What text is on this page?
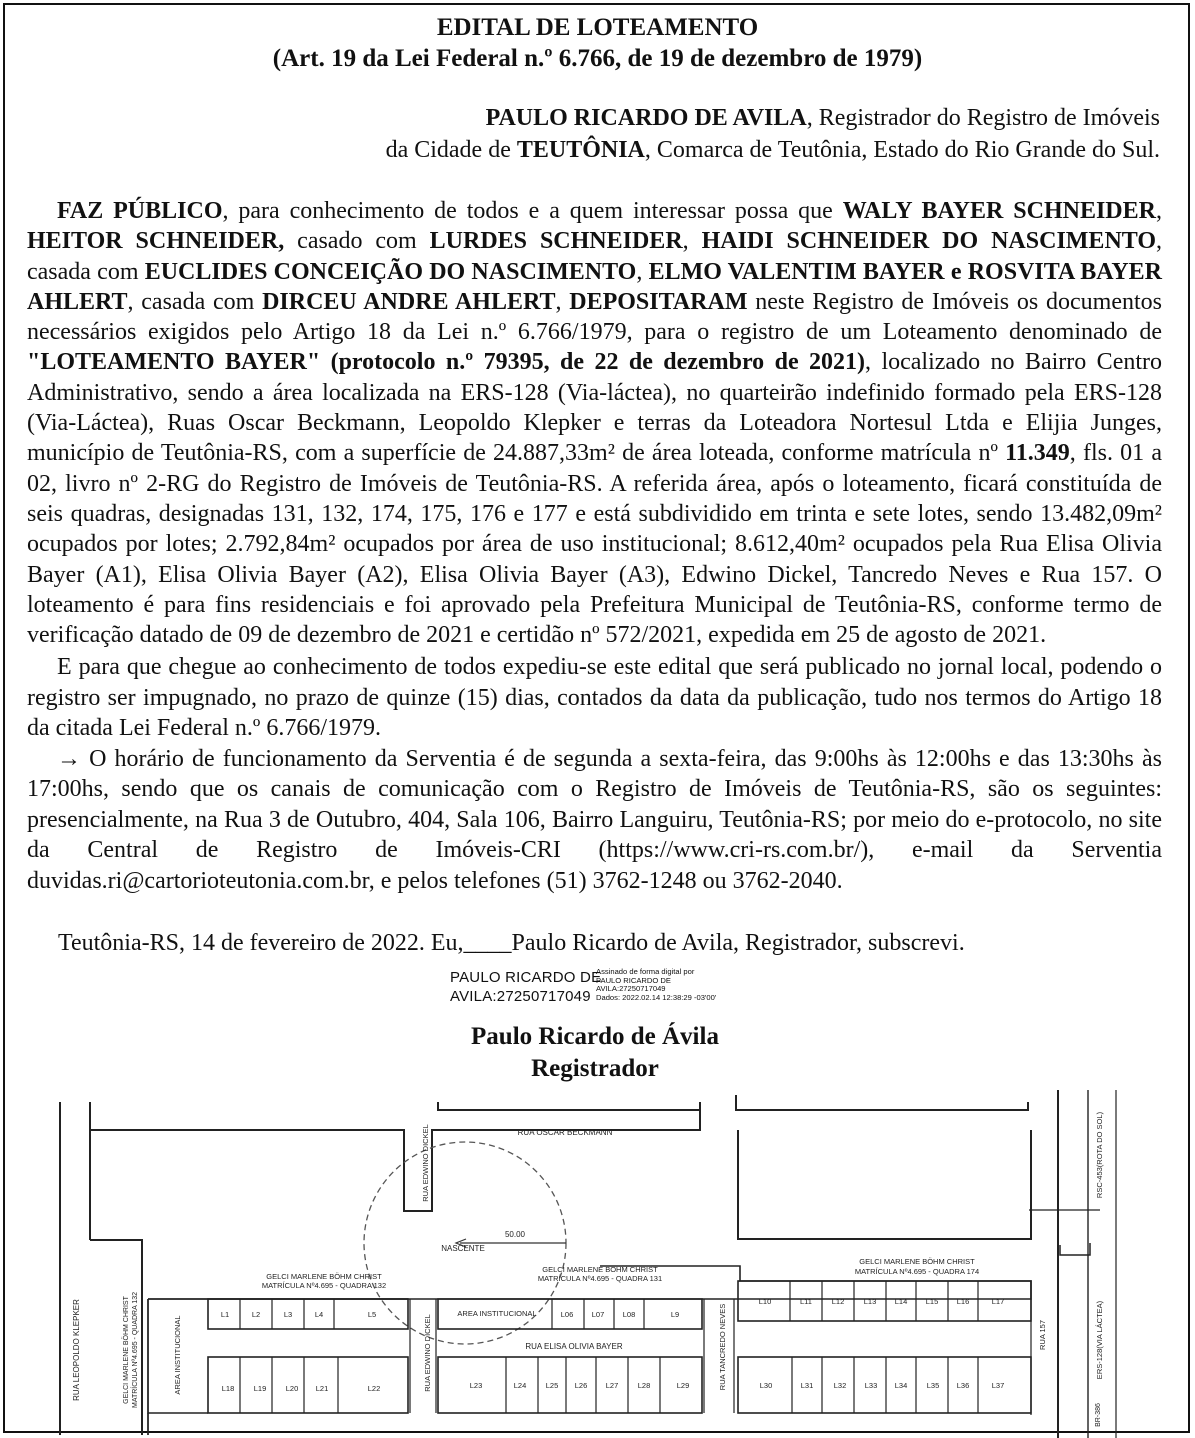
EDITAL DE LOTEAMENTO
(Art. 19 da Lei Federal n.º 6.766, de 19 de dezembro de 1979)
PAULO RICARDO DE AVILA, Registrador do Registro de Imóveis
da Cidade de TEUTÔNIA, Comarca de Teutônia, Estado do Rio Grande do Sul.

FAZ PÚBLICO, para conhecimento de todos e a quem interessar possa que WALY BAYER SCHNEIDER, HEITOR SCHNEIDER, casado com LURDES SCHNEIDER, HAIDI SCHNEIDER DO NASCIMENTO, casada com EUCLIDES CONCEIÇÃO DO NASCIMENTO, ELMO VALENTIM BAYER e ROSVITA BAYER AHLERT, casada com DIRCEU ANDRE AHLERT, DEPOSITARAM neste Registro de Imóveis os documentos necessários exigidos pelo Artigo 18 da Lei n.º 6.766/1979, para o registro de um Loteamento denominado de "LOTEAMENTO BAYER" (protocolo n.º 79395, de 22 de dezembro de 2021), localizado no Bairro Centro Administrativo, sendo a área localizada na ERS-128 (Via-láctea), no quarteirão indefinido formado pela ERS-128 (Via-Láctea), Ruas Oscar Beckmann, Leopoldo Klepker e terras da Loteadora Nortesul Ltda e Elijia Junges, município de Teutônia-RS, com a superfície de 24.887,33m² de área loteada, conforme matrícula nº 11.349, fls. 01 a 02, livro nº 2-RG do Registro de Imóveis de Teutônia-RS. A referida área, após o loteamento, ficará constituída de seis quadras, designadas 131, 132, 174, 175, 176 e 177 e está subdividido em trinta e sete lotes, sendo 13.482,09m² ocupados por lotes; 2.792,84m² ocupados por área de uso institucional; 8.612,40m² ocupados pela Rua Elisa Olivia Bayer (A1), Elisa Olivia Bayer (A2), Elisa Olivia Bayer (A3), Edwino Dickel, Tancredo Neves e Rua 157. O loteamento é para fins residenciais e foi aprovado pela Prefeitura Municipal de Teutônia-RS, conforme termo de verificação datado de 09 de dezembro de 2021 e certidão nº 572/2021, expedida em 25 de agosto de 2021.

E para que chegue ao conhecimento de todos expediu-se este edital que será publicado no jornal local, podendo o registro ser impugnado, no prazo de quinze (15) dias, contados da data da publicação, tudo nos termos do Artigo 18 da citada Lei Federal n.º 6.766/1979.

→ O horário de funcionamento da Serventia é de segunda a sexta-feira, das 9:00hs às 12:00hs e das 13:30hs às 17:00hs, sendo que os canais de comunicação com o Registro de Imóveis de Teutônia-RS, são os seguintes: presencialmente, na Rua 3 de Outubro, 404, Sala 106, Bairro Languiru, Teutônia-RS; por meio do e-protocolo, no site da Central de Registro de Imóveis-CRI (https://www.cri-rs.com.br/), e-mail da Serventia duvidas.ri@cartorioteutonia.com.br, e pelos telefones (51) 3762-1248 ou 3762-2040.

Teutônia-RS, 14 de fevereiro de 2022. Eu,____Paulo Ricardo de Avila, Registrador, subscrevi.
PAULO RICARDO DE
AVILA:27250717049
Assinado de forma digital por
PAULO RICARDO DE
AVILA:27250717049
Dados: 2022.02.14 12:38:29 -03'00'
Paulo Ricardo de Ávila
Registrador
RUA OSCAR BECKMANN
RUA EDWINO DICKEL
RUA LEOPOLDO KLEPKER	RUA ELISA OLIVIA BAYER
RUA EDWINO DICKEL	RUA TANCREDO NEVES	RUA 157
RSC-453(ROTA DO SOL)
ERS-128(VIA LÁCTEA)
BR-386
50.00
NASCENTE
GELCI MARLENE BÖHM CHRIST
MATRÍCULA Nº4.695 - QUADRA 132
GELCI MARLENE BÖHM CHRIST
MATRÍCULA Nº4.695 - QUADRA 131
GELCI MARLENE BÖHM CHRIST
MATRÍCULA Nº4.695 - QUADRA 174
GELCI MARLENE BÖHM CHRIST MATRÍCULA Nº4.695 - QUADRA 132	AREA INSTITUCIONAL
AREA INSTITUCIONAL
L1	L2	L3	L4	L5	L06 L07 L08	L9
L10	L11	L12	L13 L14 L15 L16	L17
L18	L19	L20 L21	L22	L23	L24	L25 L26 L27	L28	L29	L30	L31	L32 L33 L34	L35 L36	L37
